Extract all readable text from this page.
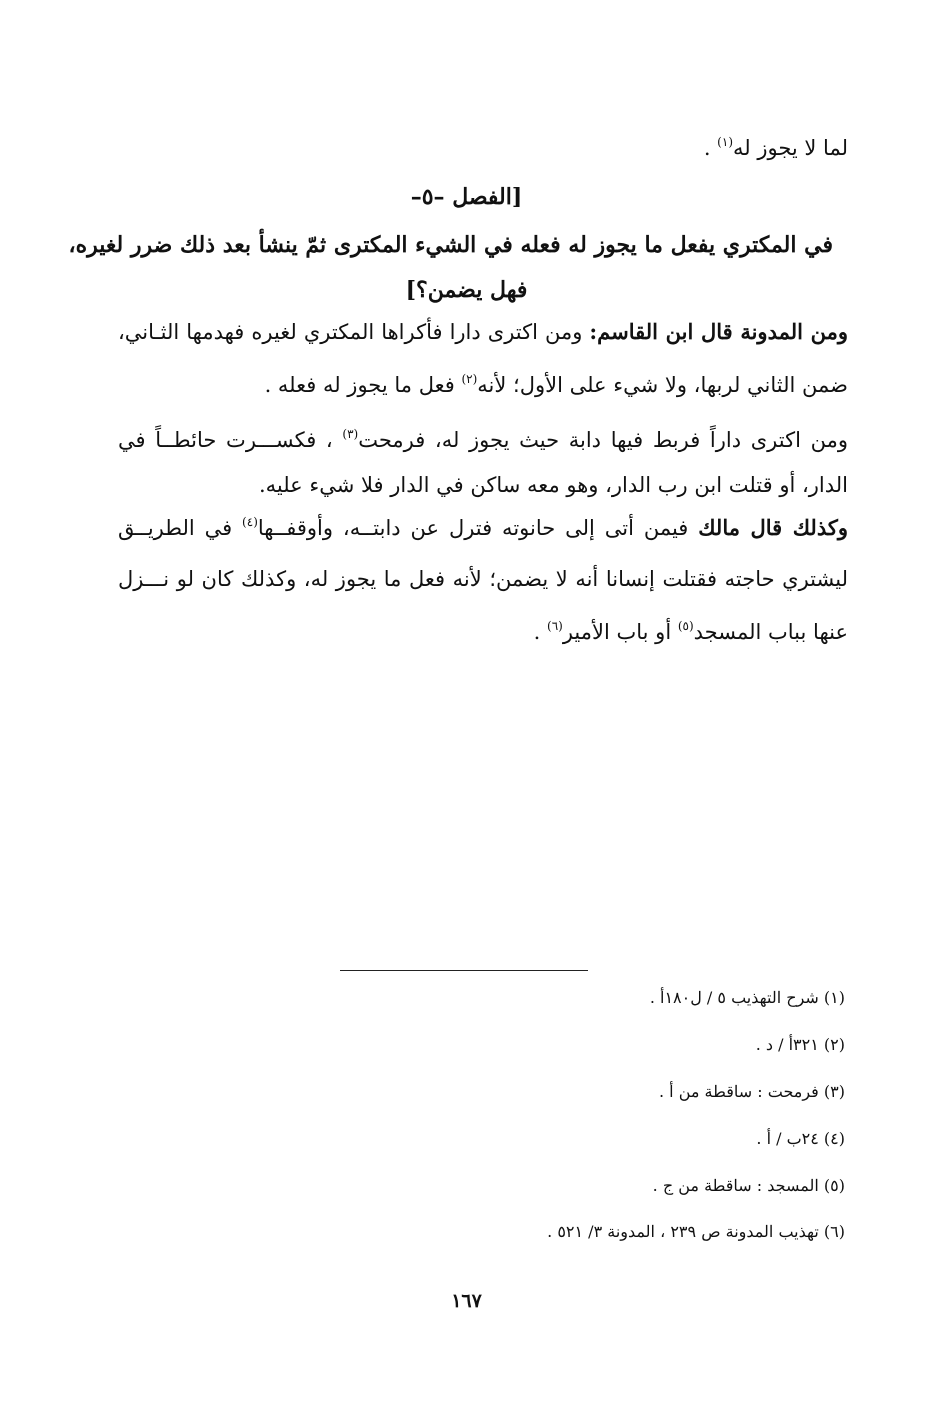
لما لا يجوز له$^{(١)}$ .
[الفصل –٥–
في المكتري يفعل ما يجوز له فعله في الشيء المكترى ثمّ ينشأ بعد ذلك ضرر لغيره،
فهل يضمن؟]
ومن المدونة قال ابن القاسم: ومن اكترى دارا فأكراها المكتري لغيره فهدمها الثـاني،
ضمن الثاني لربها، ولا شيء على الأول؛ لأنه$^{(٢)}$ فعل ما يجوز له فعله .
ومن اكترى داراً فربط فيها دابة حيث يجوز له، فرمحت$^{(٣)}$ ، فكســـرت حائطــاً في
الدار، أو قتلت ابن رب الدار، وهو معه ساكن في الدار فلا شيء عليه.
وكذلك قال مالك فيمن أتى إلى حانوته فترل عن دابتــه، وأوقفــها$^{(٤)}$ في الطريــق
ليشتري حاجته فقتلت إنسانا أنه لا يضمن؛ لأنه فعل ما يجوز له، وكذلك كان لو نـــزل
عنها بباب المسجد$^{(٥)}$ أو باب الأمير$^{(٦)}$ .
(١) شرح التهذيب ٥ / ل١٨٠أ .
(٢) ٣٢١أ / د .
(٣) فرمحت : ساقطة من أ .
(٤) ٢٤ب / أ .
(٥) المسجد : ساقطة من ج .
(٦) تهذيب المدونة ص ٢٣٩ ، المدونة ٣/ ٥٢١ .
١٦٧
